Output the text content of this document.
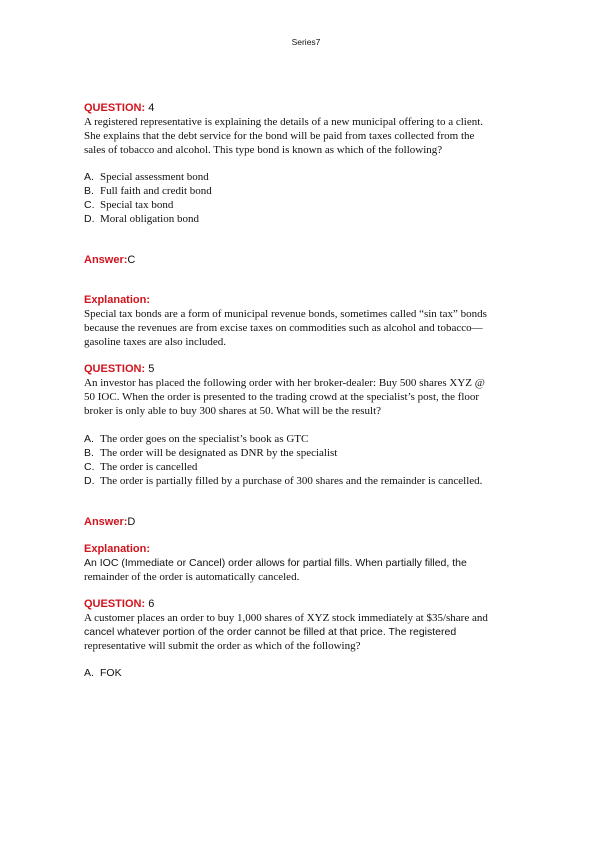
Series7
QUESTION: 4
A registered representative is explaining the details of a new municipal offering to a client.
She explains that the debt service for the bond will be paid from taxes collected from the
sales of tobacco and alcohol. This type bond is known as which of the following?
A. Special assessment bond
B. Full faith and credit bond
C. Special tax bond
D. Moral obligation bond
Answer:C
Explanation:
Special tax bonds are a form of municipal revenue bonds, sometimes called “sin tax” bonds
because the revenues are from excise taxes on commodities such as alcohol and tobacco—
gasoline taxes are also included.
QUESTION: 5
An investor has placed the following order with her broker-dealer: Buy 500 shares XYZ @
50 IOC. When the order is presented to the trading crowd at the specialist’s post, the floor
broker is only able to buy 300 shares at 50. What will be the result?
A. The order goes on the specialist’s book as GTC
B. The order will be designated as DNR by the specialist
C. The order is cancelled
D. The order is partially filled by a purchase of 300 shares and the remainder is cancelled.
Answer:D
Explanation:
An IOC (Immediate or Cancel) order allows for partial fills. When partially filled, the
remainder of the order is automatically canceled.
QUESTION: 6
A customer places an order to buy 1,000 shares of XYZ stock immediately at $35/share and
cancel whatever portion of the order cannot be filled at that price. The registered
representative will submit the order as which of the following?
A. FOK
